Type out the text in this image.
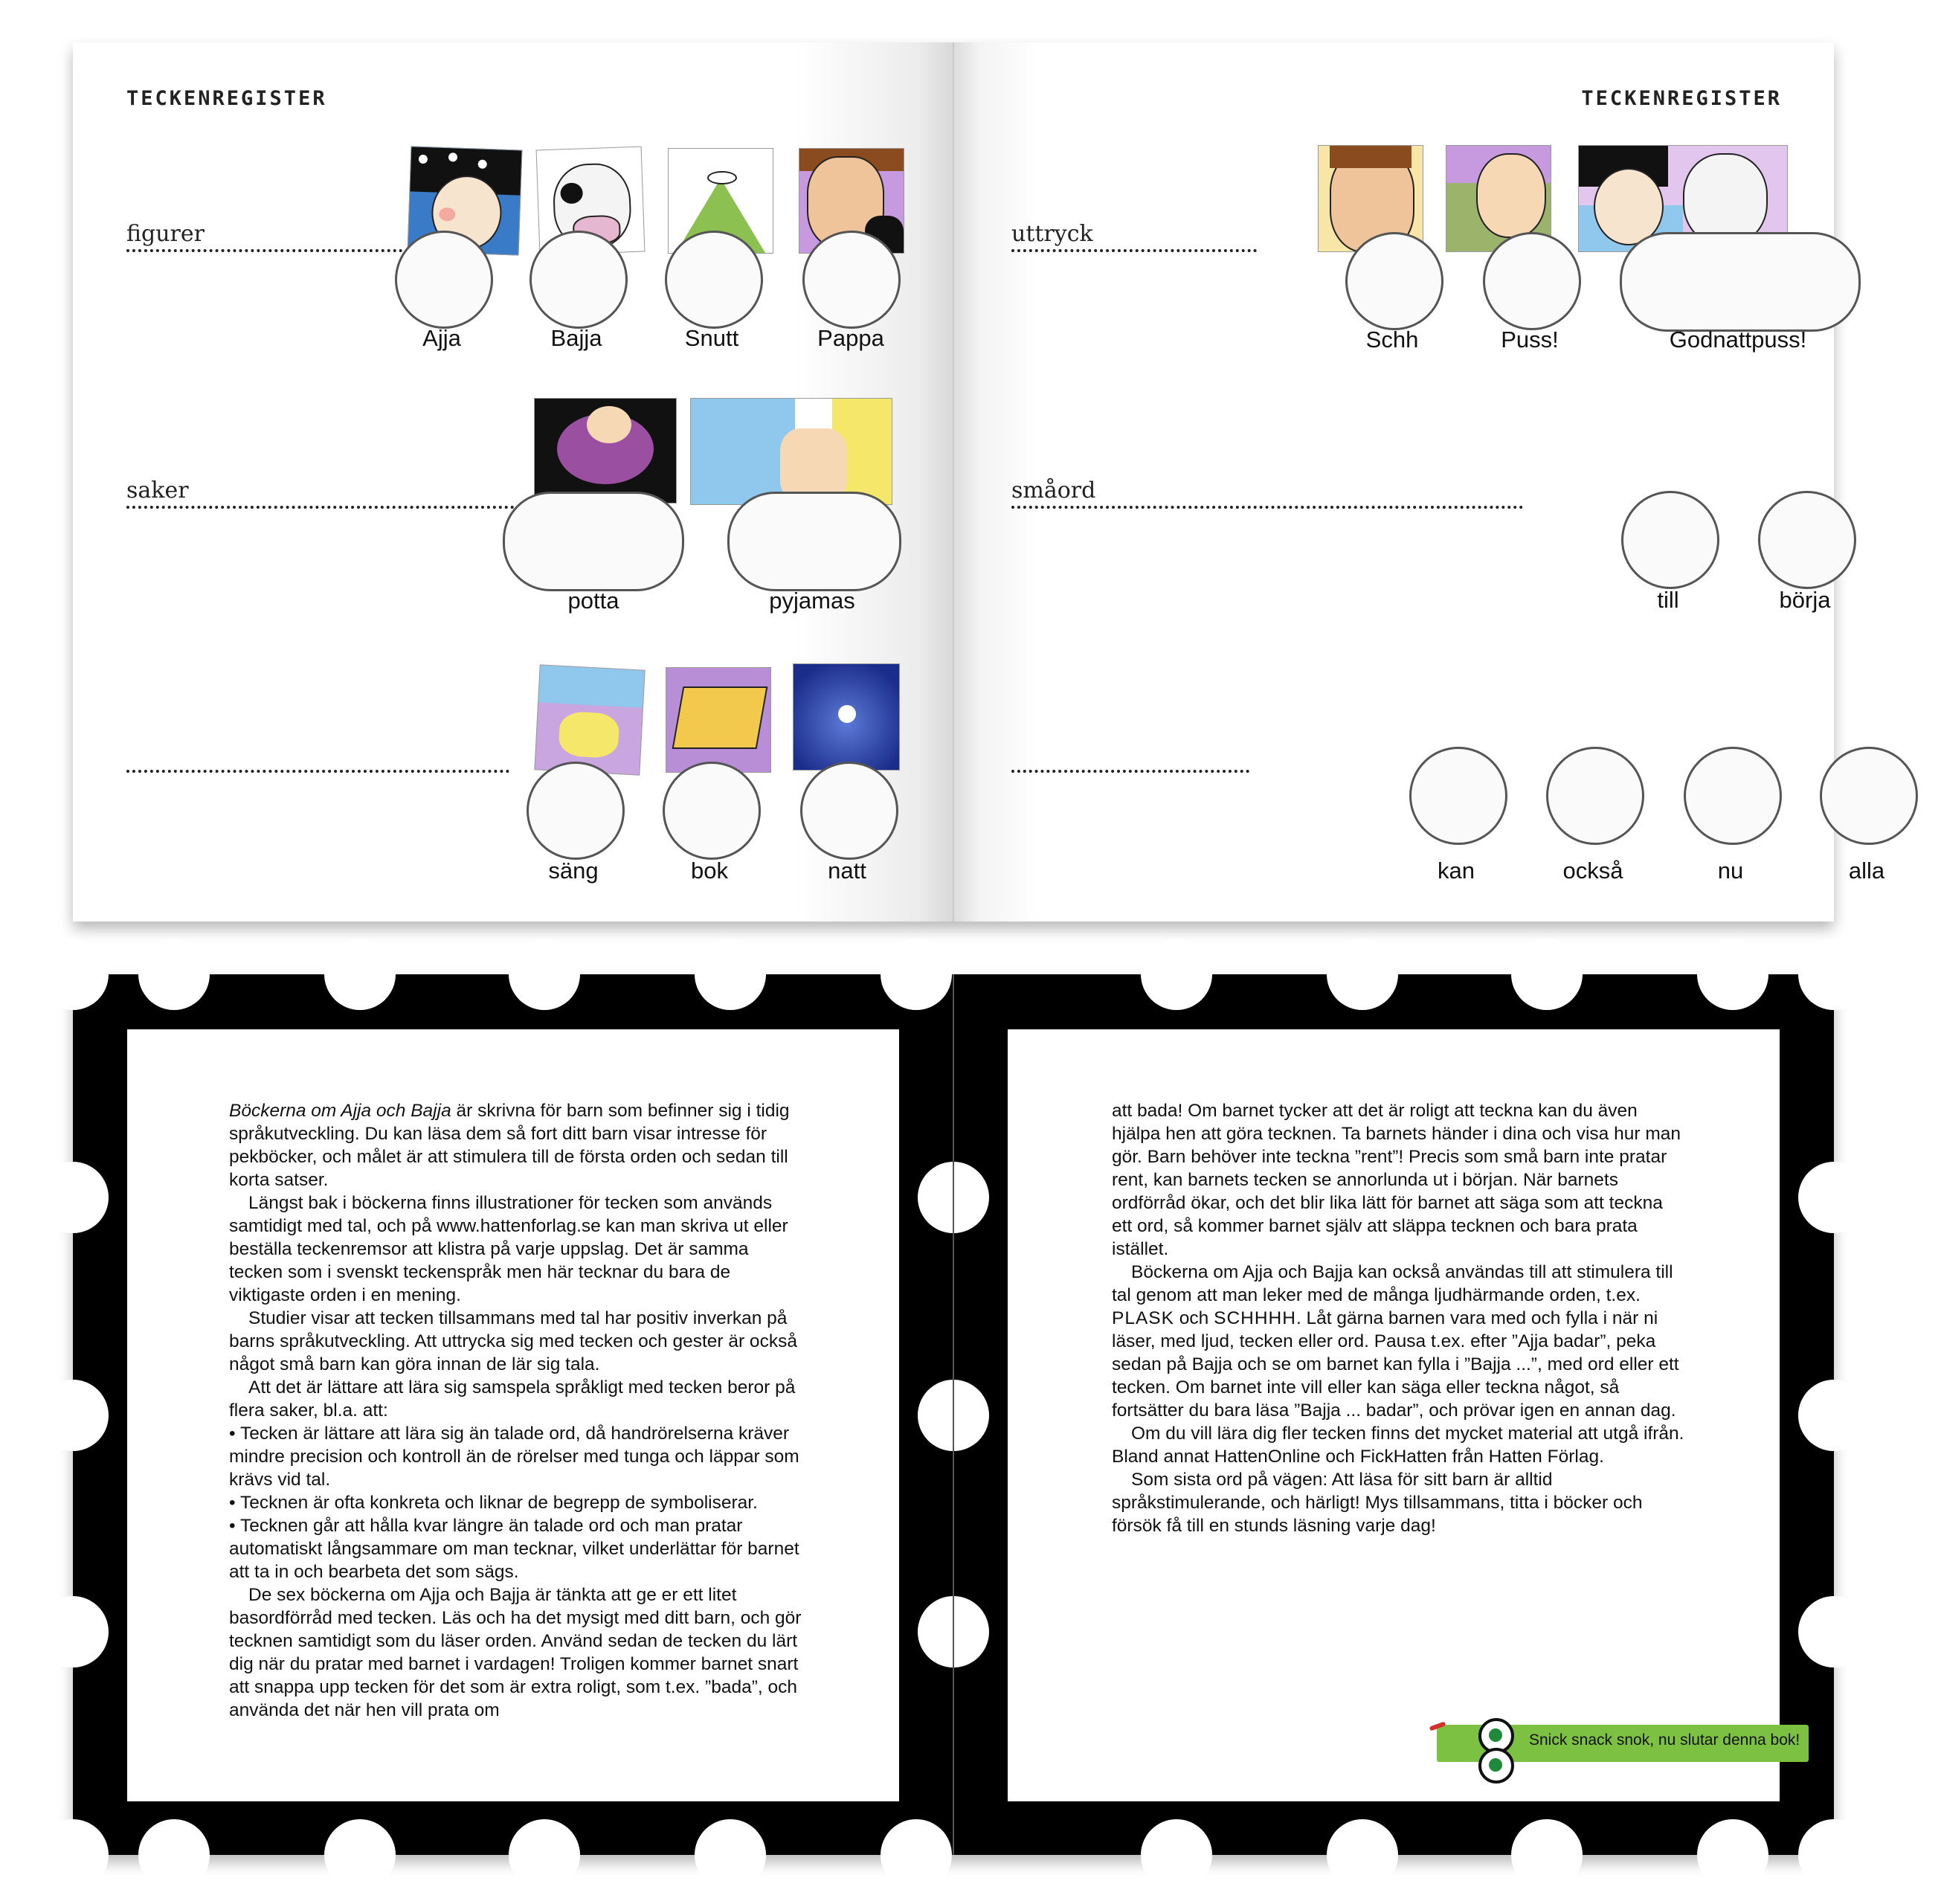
TECKENREGISTER
figurer
Ajja	Bajja	Snutt	Pappa
saker
potta	pyjamas
säng	bok	natt
TECKENREGISTER
uttryck
Schh	Puss!	Godnattpuss!
småord
till	börja
kan	också	nu	alla

Böckerna om Ajja och Bajja är skrivna för barn som befinner sig i tidig språkutveckling. Du kan läsa dem så fort ditt barn visar intresse för pekböcker, och målet är att stimulera till de första orden och sedan till korta satser.

Längst bak i böckerna finns illustrationer för tecken som används samtidigt med tal, och på www.hattenforlag.se kan man skriva ut eller beställa teckenremsor att klistra på varje uppslag. Det är samma tecken som i svenskt teckenspråk men här tecknar du bara de viktigaste orden i en mening.

Studier visar att tecken tillsammans med tal har positiv inverkan på barns språkutveckling. Att uttrycka sig med tecken och gester är också något små barn kan göra innan de lär sig tala.

Att det är lättare att lära sig samspela språkligt med tecken beror på flera saker, bl.a. att:

• Tecken är lättare att lära sig än talade ord, då handrörelserna kräver mindre precision och kontroll än de rörelser med tunga och läppar som krävs vid tal.

• Tecknen är ofta konkreta och liknar de begrepp de symboliserar.

• Tecknen går att hålla kvar längre än talade ord och man pratar automatiskt långsammare om man tecknar, vilket underlättar för barnet att ta in och bearbeta det som sägs.

De sex böckerna om Ajja och Bajja är tänkta att ge er ett litet basordförråd med tecken. Läs och ha det mysigt med ditt barn, och gör tecknen samtidigt som du läser orden. Använd sedan de tecken du lärt dig när du pratar med barnet i vardagen! Troligen kommer barnet snart att snappa upp tecken för det som är extra roligt, som t.ex. ”bada”, och använda det när hen vill prata om

att bada! Om barnet tycker att det är roligt att teckna kan du även hjälpa hen att göra tecknen. Ta barnets händer i dina och visa hur man gör. Barn behöver inte teckna ”rent”! Precis som små barn inte pratar rent, kan barnets tecken se annorlunda ut i början. När barnets ordförråd ökar, och det blir lika lätt för barnet att säga som att teckna ett ord, så kommer barnet själv att släppa tecknen och bara prata istället.

Böckerna om Ajja och Bajja kan också användas till att stimulera till tal genom att man leker med de många ljudhärmande orden, t.ex. PLASK och SCHHHH. Låt gärna barnen vara med och fylla i när ni läser, med ljud, tecken eller ord. Pausa t.ex. efter ”Ajja badar”, peka sedan på Bajja och se om barnet kan fylla i ”Bajja ...”, med ord eller ett tecken. Om barnet inte vill eller kan säga eller teckna något, så fortsätter du bara läsa ”Bajja ... badar”, och prövar igen en annan dag.

Om du vill lära dig fler tecken finns det mycket material att utgå ifrån. Bland annat HattenOnline och FickHatten från Hatten Förlag.

Som sista ord på vägen: Att läsa för sitt barn är alltid språkstimulerande, och härligt! Mys tillsammans, titta i böcker och försök få till en stunds läsning varje dag!

Snick snack snok, nu slutar denna bok!
